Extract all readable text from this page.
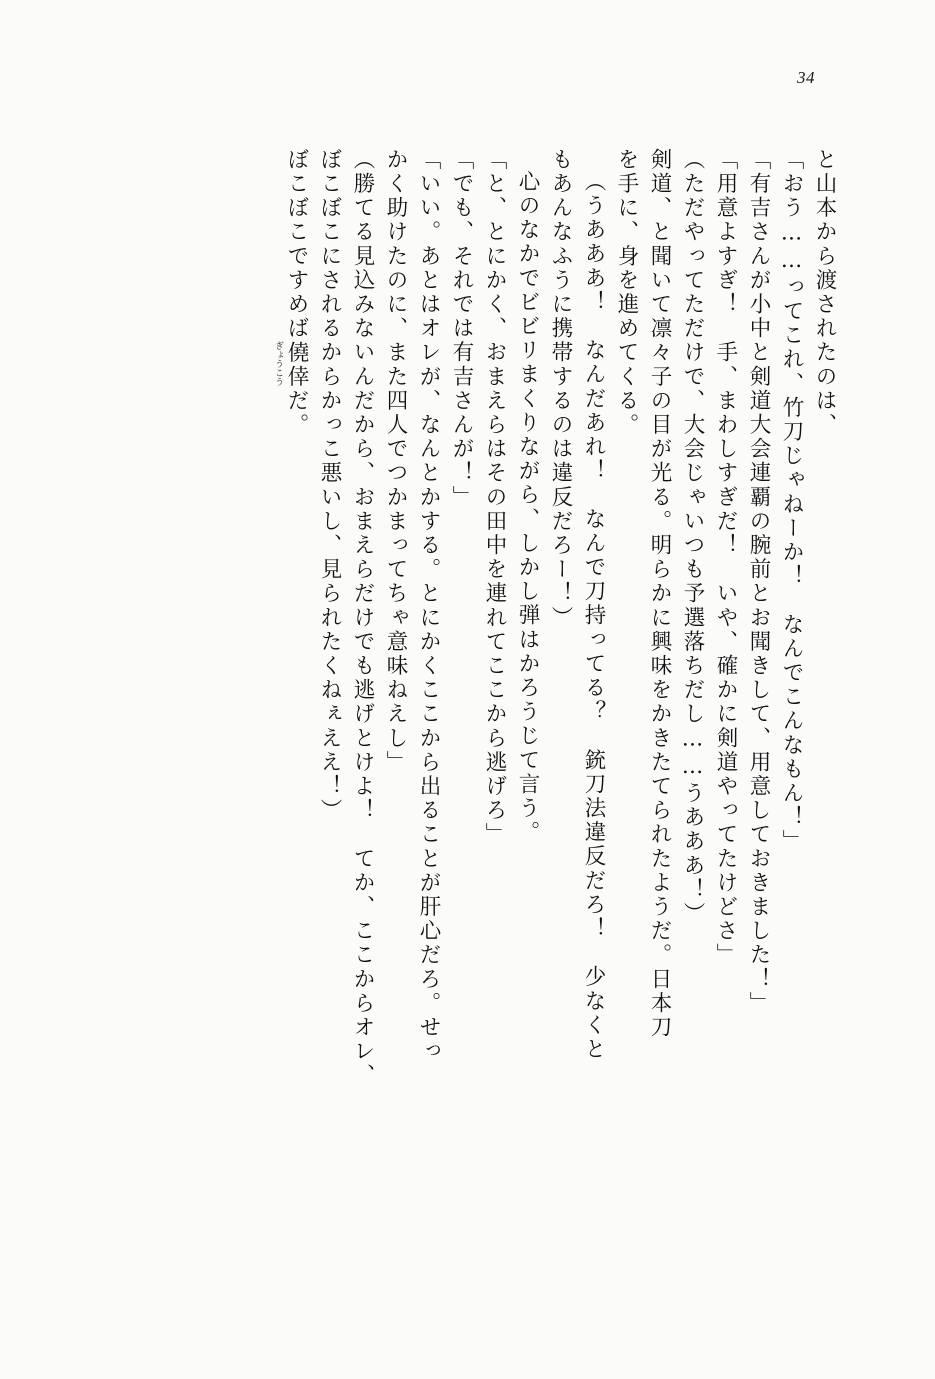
34
と山本から渡されたのは、
「おう……ってこれ、竹刀じゃねーか！　なんでこんなもん！」
「有吉さんが小中と剣道大会連覇の腕前とお聞きして、用意しておきました！」
「用意よすぎ！　手、まわしすぎだ！　いや、確かに剣道やってたけどさ」
（ただやってただけで、大会じゃいつも予選落ちだし……うあああ！）
剣道、と聞いて凛々子の目が光る。明らかに興味をかきたてられたようだ。日本刀
を手に、身を進めてくる。
（うあああ！　なんだあれ！　なんで刀持ってる？　銃刀法違反だろ！　少なくと
もあんなふうに携帯するのは違反だろー！）
心のなかでビビリまくりながら、しかし弾はかろうじて言う。
「と、とにかく、おまえらはその田中を連れてここから逃げろ」
「でも、それでは有吉さんが！」
「いい。あとはオレが、なんとかする。とにかくここから出ることが肝心だろ。せっ
かく助けたのに、また四人でつかまってちゃ意味ねえし」
（勝てる見込みないんだから、おまえらだけでも逃げとけよ！　てか、ここからオレ、
ぼこぼこにされるからかっこ悪いし、見られたくねぇええ！）
ぼこぼこですめば僥倖
ぎょうこう
だ。
